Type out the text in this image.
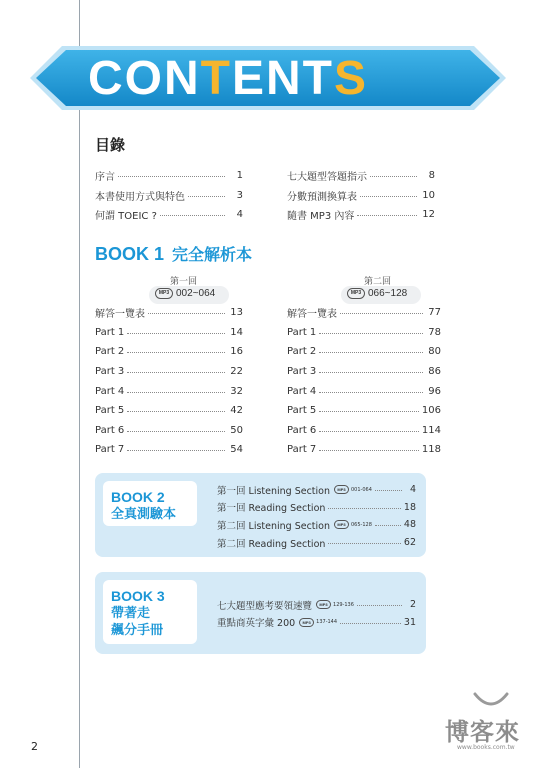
CONTENTS
目錄
序言	1
本書使用方式與特色	3
何謂 TOEIC ?	4
七大題型答題指示	8
分數預測換算表	10
隨書 MP3 內容	12
BOOK 1 完全解析本
第一回
MP3 002~064
第二回
MP3 066~128
解答一覽表	13
Part 1	14
Part 2	16
Part 3	22
Part 4	32
Part 5	42
Part 6	50
Part 7	54
解答一覽表	77
Part 1	78
Part 2	80
Part 3	86
Part 4	96
Part 5	106
Part 6	114
Part 7	118
BOOK 2
全真測驗本
第一回 Listening Section	MP3	001-064	4
第一回 Reading Section	18
第二回 Listening Section	MP3	065-128	48
第二回 Reading Section	62
BOOK 3
帶著走
飆分手冊
七大題型應考要領速覽	MP3	129-136	2
重點商英字彙 200	MP3	137-144	31
2
博客來
www.books.com.tw
